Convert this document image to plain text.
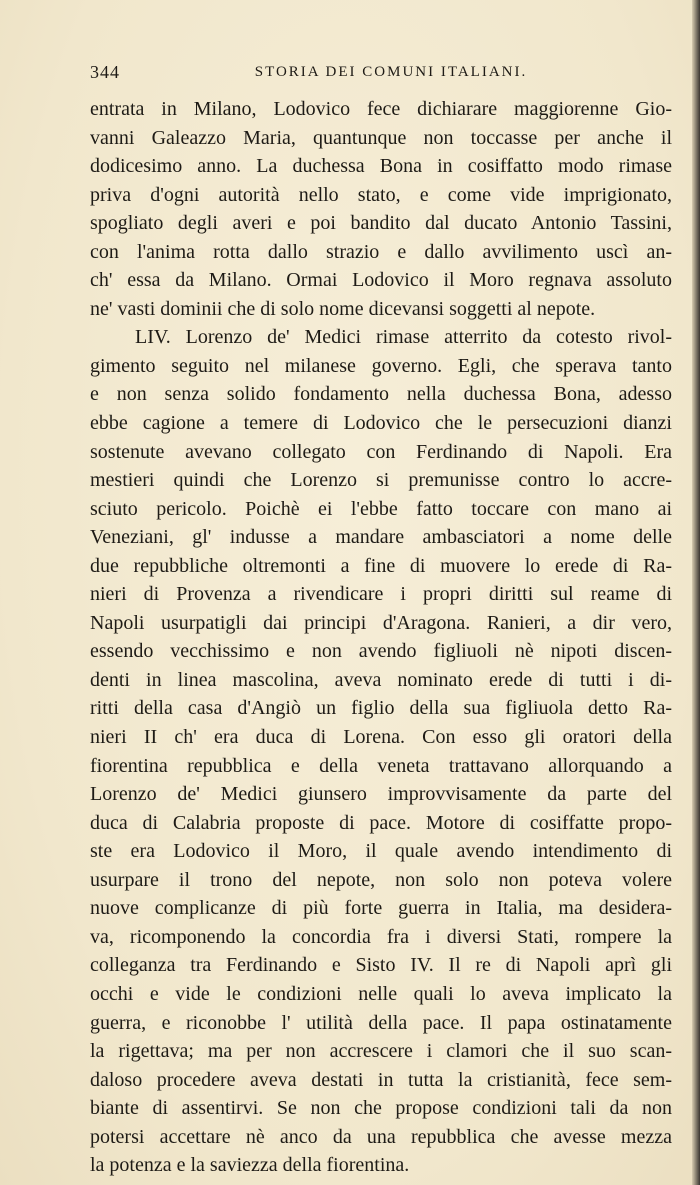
344	STORIA DEI COMUNI ITALIANI.
entrata in Milano, Lodovico fece dichiarare maggiorenne Gio-
vanni Galeazzo Maria, quantunque non toccasse per anche il
dodicesimo anno. La duchessa Bona in cosiffatto modo rimase
priva d'ogni autorità nello stato, e come vide imprigionato,
spogliato degli averi e poi bandito dal ducato Antonio Tassini,
con l'anima rotta dallo strazio e dallo avvilimento uscì an-
ch' essa da Milano. Ormai Lodovico il Moro regnava assoluto
ne' vasti dominii che di solo nome dicevansi soggetti al nepote.
LIV. Lorenzo de' Medici rimase atterrito da cotesto rivol-
gimento seguito nel milanese governo. Egli, che sperava tanto
e non senza solido fondamento nella duchessa Bona, adesso
ebbe cagione a temere di Lodovico che le persecuzioni dianzi
sostenute avevano collegato con Ferdinando di Napoli. Era
mestieri quindi che Lorenzo si premunisse contro lo accre-
sciuto pericolo. Poichè ei l'ebbe fatto toccare con mano ai
Veneziani, gl' indusse a mandare ambasciatori a nome delle
due repubbliche oltremonti a fine di muovere lo erede di Ra-
nieri di Provenza a rivendicare i propri diritti sul reame di
Napoli usurpatigli dai principi d'Aragona. Ranieri, a dir vero,
essendo vecchissimo e non avendo figliuoli nè nipoti discen-
denti in linea mascolina, aveva nominato erede di tutti i di-
ritti della casa d'Angiò un figlio della sua figliuola detto Ra-
nieri II ch' era duca di Lorena. Con esso gli oratori della
fiorentina repubblica e della veneta trattavano allorquando a
Lorenzo de' Medici giunsero improvvisamente da parte del
duca di Calabria proposte di pace. Motore di cosiffatte propo-
ste era Lodovico il Moro, il quale avendo intendimento di
usurpare il trono del nepote, non solo non poteva volere
nuove complicanze di più forte guerra in Italia, ma desidera-
va, ricomponendo la concordia fra i diversi Stati, rompere la
colleganza tra Ferdinando e Sisto IV. Il re di Napoli aprì gli
occhi e vide le condizioni nelle quali lo aveva implicato la
guerra, e riconobbe l' utilità della pace. Il papa ostinatamente
la rigettava; ma per non accrescere i clamori che il suo scan-
daloso procedere aveva destati in tutta la cristianità, fece sem-
biante di assentirvi. Se non che propose condizioni tali da non
potersi accettare nè anco da una repubblica che avesse mezza
la potenza e la saviezza della fiorentina.
